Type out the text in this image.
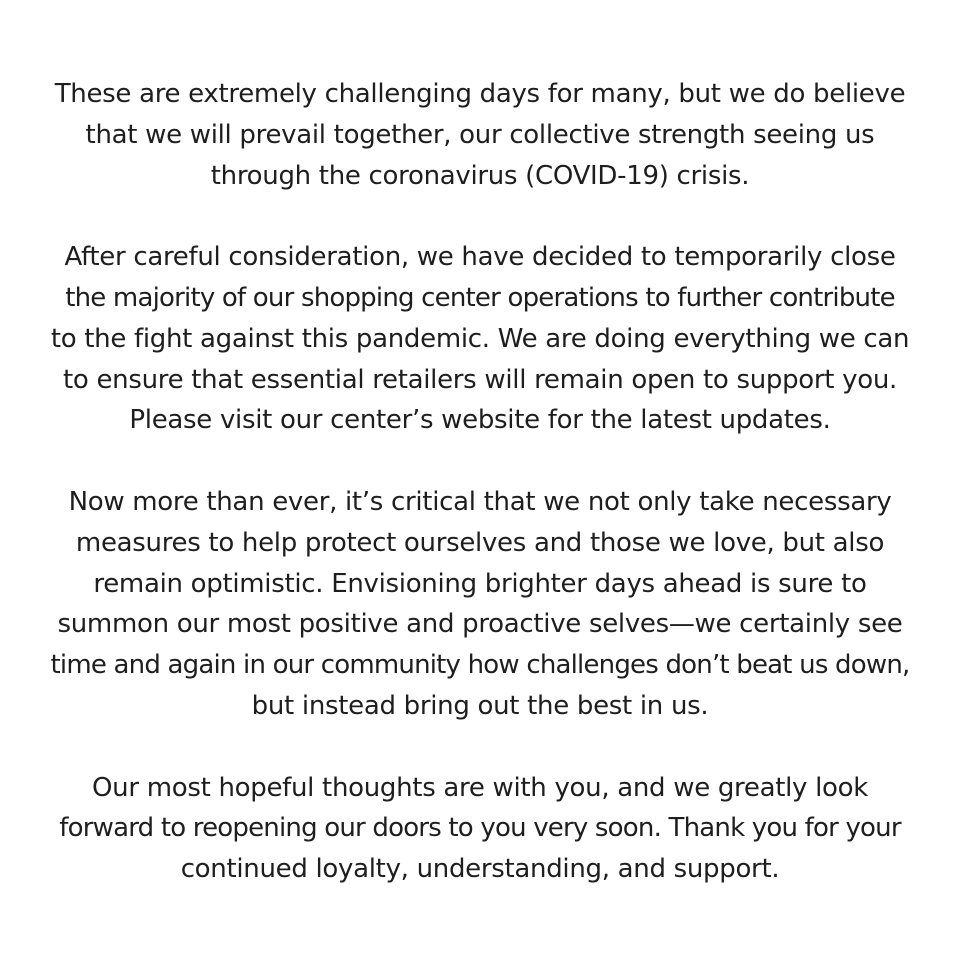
These are extremely challenging days for many, but we do believe
that we will prevail together, our collective strength seeing us
through the coronavirus (COVID-19) crisis.

After careful consideration, we have decided to temporarily close
the majority of our shopping center operations to further contribute
to the fight against this pandemic. We are doing everything we can
to ensure that essential retailers will remain open to support you.
Please visit our center’s website for the latest updates.

Now more than ever, it’s critical that we not only take necessary
measures to help protect ourselves and those we love, but also
remain optimistic. Envisioning brighter days ahead is sure to
summon our most positive and proactive selves—we certainly see
time and again in our community how challenges don’t beat us down,
but instead bring out the best in us.

Our most hopeful thoughts are with you, and we greatly look
forward to reopening our doors to you very soon. Thank you for your
continued loyalty, understanding, and support.
